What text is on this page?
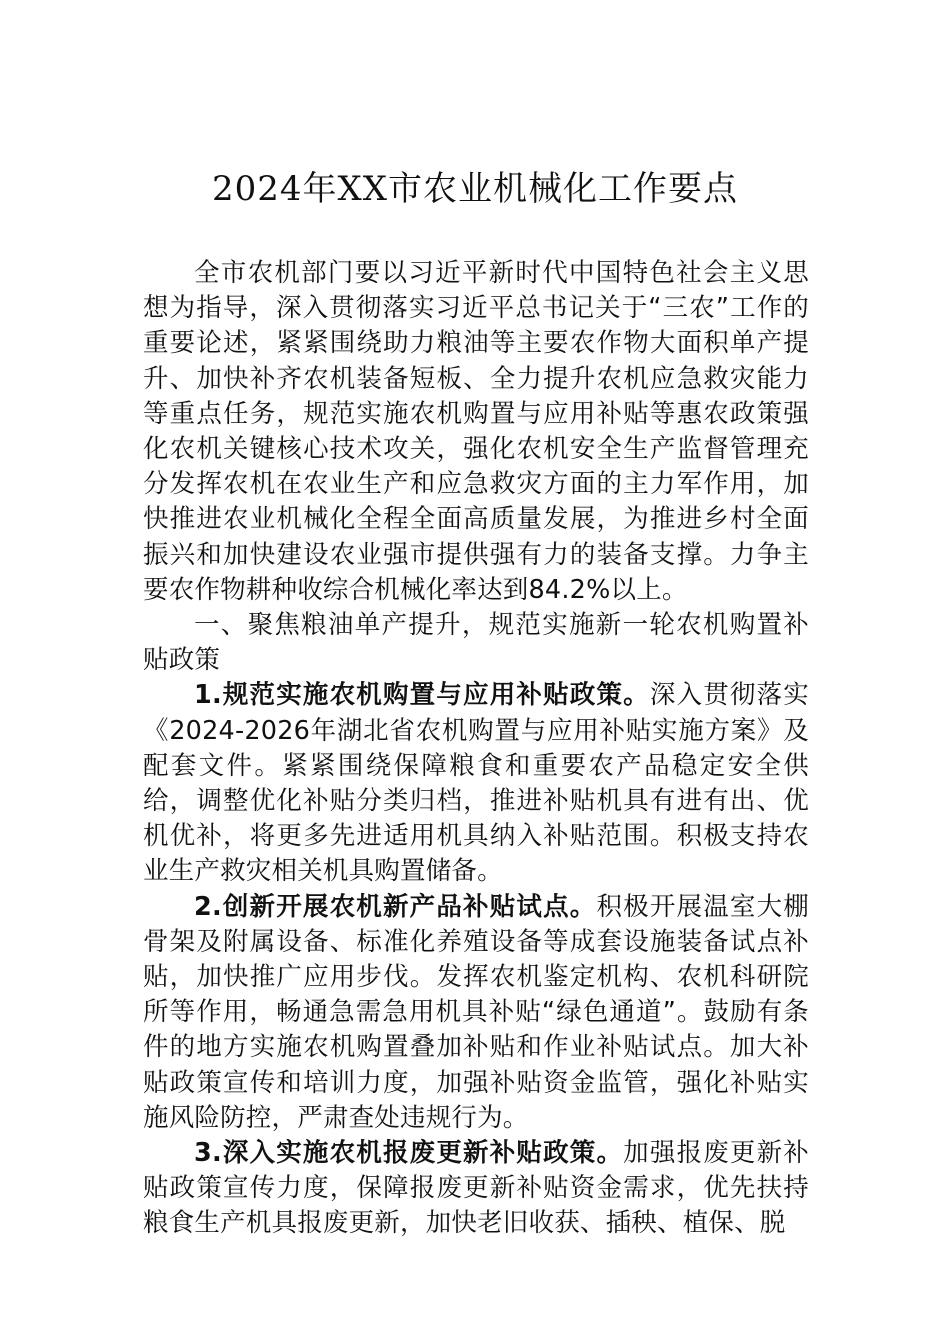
2024年XX市农业机械化工作要点

全市农机部门要以习近平新时代中国特色社会主义思想为指导，深入贯彻落实习近平总书记关于“三农”工作的重要论述，紧紧围绕助力粮油等主要农作物大面积单产提升、加快补齐农机装备短板、全力提升农机应急救灾能力等重点任务，规范实施农机购置与应用补贴等惠农政策强化农机关键核心技术攻关，强化农机安全生产监督管理充分发挥农机在农业生产和应急救灾方面的主力军作用，加快推进农业机械化全程全面高质量发展，为推进乡村全面振兴和加快建设农业强市提供强有力的装备支撑。力争主要农作物耕种收综合机械化率达到84.2%以上。

一、聚焦粮油单产提升，规范实施新一轮农机购置补贴政策

1.规范实施农机购置与应用补贴政策。深入贯彻落实《2024-2026年湖北省农机购置与应用补贴实施方案》及配套文件。紧紧围绕保障粮食和重要农产品稳定安全供给，调整优化补贴分类归档，推进补贴机具有进有出、优机优补，将更多先进适用机具纳入补贴范围。积极支持农业生产救灾相关机具购置储备。

2.创新开展农机新产品补贴试点。积极开展温室大棚骨架及附属设备、标准化养殖设备等成套设施装备试点补贴，加快推广应用步伐。发挥农机鉴定机构、农机科研院所等作用，畅通急需急用机具补贴“绿色通道”。鼓励有条件的地方实施农机购置叠加补贴和作业补贴试点。加大补贴政策宣传和培训力度，加强补贴资金监管，强化补贴实施风险防控，严肃查处违规行为。

3.深入实施农机报废更新补贴政策。加强报废更新补贴政策宣传力度，保障报废更新补贴资金需求，优先扶持粮食生产机具报废更新，加快老旧收获、插秧、植保、脱
